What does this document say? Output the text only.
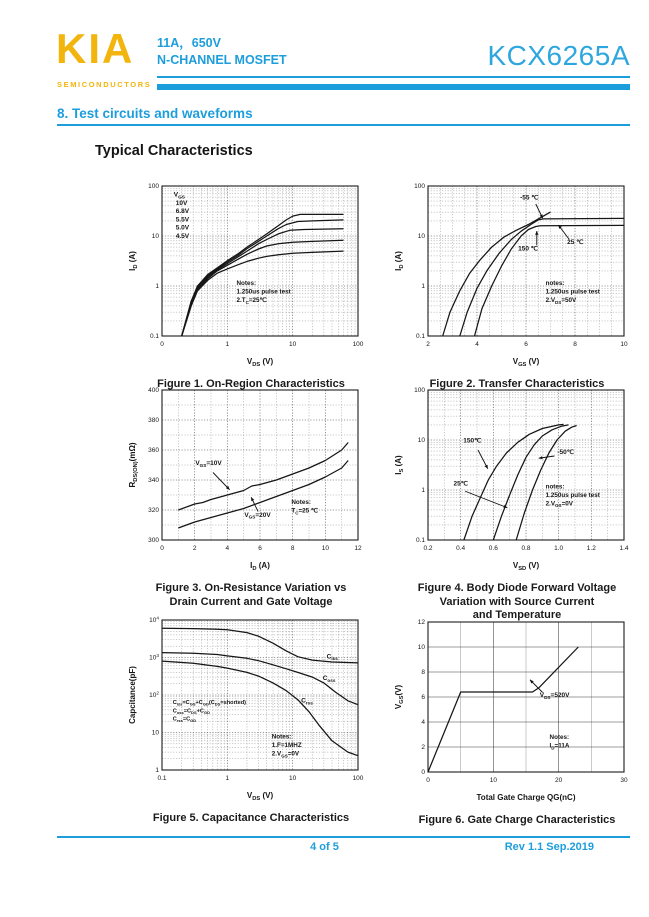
KIA
SEMICONDUCTORS
11A，650V
N-CHANNEL MOSFET	KCX6265A
8. Test circuits and waveforms
Typical Characteristics
0	1	10	100
0.1
1
10
100
$V_{DS}$ (V)
$I_D$ (A)
$V_{GS}$
10V
6.8V
5.5V
5.0V
4.5V
Notes:
1.250us pulse test
$2.T_C=25℃$
Figure 1. On-Region Characteristics
2	4	6	8	10
0.1
1
10
100
$V_{GS}$ (V)
$I_D$ (A)
-55 ℃
150 ℃
25 ℃
notes:
1.250us pulse test
$2.V_{DS}=50V$
Figure 2. Transfer Characteristics
0	2	4	6	8	10	12
300
320
340
360
380
400
$I_D$ (A)
$R_{DS(ON)}(m\Omega)$
$V_{GS}=10V$
$V_{GS}=20V$
Notes:
$T_C=25$ ℃
Figure 3. On-Resistance Variation vs
Drain Current and Gate Voltage
0.2	0.4	0.6	0.8	1.0	1.2	1.4
0.1
1
10
100
$V_{SD}$ (V)
$I_S$ (A)
150℃
25℃
-50℃
notes:
1.250us pulse test
$2.V_{GS}=0V$
Figure 4. Body Diode Forward Voltage
Variation with Source Current
and Temperature
0.1	1	10	100
1
10
$10^2$
$10^3$
$10^4$
$V_{DS}$ (V)
Capcitance(pF)
$C_{iss}$
$C_{oss}$
$C_{rss}$
$C_{iss}=C_{GS}+C_{GD}(C_{DS}=shorted)$
$C_{oss}=C_{DS}+C_{GD}$
$C_{rss}=C_{GD}$
Notes:
1.F=1MHZ
$2.V_{GS}=0V$
Figure 5. Capacitance Characteristics
0	10	20	30
0
2
4
6
8
10
12
Total Gate Charge QG(nC)
$V_{GS}(V)$	$V_{DS}=520V$
Notes:
$I_D=11A$
Figure 6. Gate Charge Characteristics
4 of 5	Rev 1.1 Sep.2019
